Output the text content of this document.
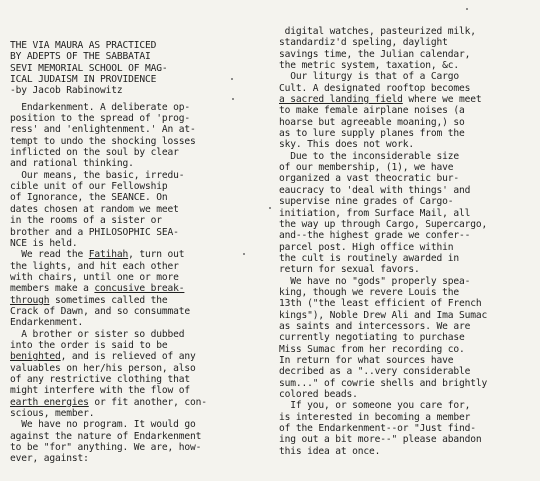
THE VIA MAURA AS PRACTICED
BY ADEPTS OF THE SABBATAI
SEVI MEMORIAL SCHOOL OF MAG-
ICAL JUDAISM IN PROVIDENCE
-by Jacob Rabinowitz
Endarkenment. A deliberate op-
position to the spread of 'prog-
ress' and 'enlightenment.' An at-
tempt to undo the shocking losses
inflicted on the soul by clear
and rational thinking.
Our means, the basic, irredu-
cible unit of our Fellowship
of Ignorance, the SEANCE. On
dates chosen at random we meet
in the rooms of a sister or
brother and a PHILOSOPHIC SEA-
NCE is held.
We read the Fatihah, turn out
the lights, and hit each other
with chairs, until one or more
members make a concusive break-
through sometimes called the
Crack of Dawn, and so consummate
Endarkenment.
A brother or sister so dubbed
into the order is said to be
benighted, and is relieved of any
valuables on her/his person, also
of any restrictive clothing that
might interfere with the flow of
earth energies or fit another, con-
scious, member.
We have no program. It would go
against the nature of Endarkenment
to be "for" anything. We are, how-
ever, against:
digital watches, pasteurized milk,
standardiz'd speling, daylight
savings time, the Julian calendar,
the metric system, taxation, &c.
Our liturgy is that of a Cargo
Cult. A designated rooftop becomes
a sacred landing field where we meet
to make female airplane noises (a
hoarse but agreeable moaning,) so
as to lure supply planes from the
sky. This does not work.
Due to the inconsiderable size
of our membership, (1), we have
organized a vast theocratic bur-
eaucracy to 'deal with things' and
supervise nine grades of Cargo-
initiation, from Surface Mail, all
the way up through Cargo, Supercargo,
and--the highest grade we confer--
parcel post. High office within
the cult is routinely awarded in
return for sexual favors.
We have no "gods" properly speа-
king, though we revere Louis the
13th ("the least efficient of French
kings"), Noble Drew Ali and Ima Sumac
as saints and intercessors. We are
currently negotiating to purchase
Miss Sumac from her recording co.
In return for what sources have
decribed as a "..very considerable
sum..." of cowrie shells and brightly
colored beads.
If you, or someone you care for,
is interested in becoming a member
of the Endarkenment--or "Just find-
ing out a bit more--" please abandon
this idea at once.
